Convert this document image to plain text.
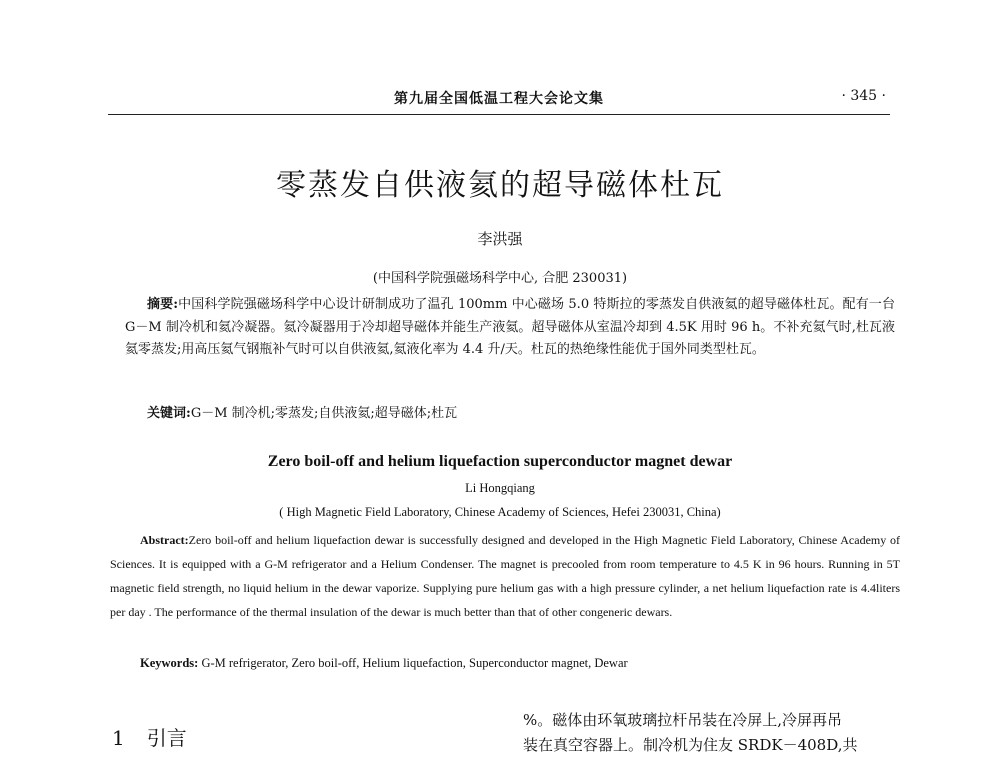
第九届全国低温工程大会论文集	· 345 ·
零蒸发自供液氦的超导磁体杜瓦
李洪强
(中国科学院强磁场科学中心, 合肥 230031)

摘要:中国科学院强磁场科学中心设计研制成功了温孔 100mm 中心磁场 5.0 特斯拉的零蒸发自供液氦的超导磁体杜瓦。配有一台 G－M 制冷机和氦冷凝器。氦冷凝器用于冷却超导磁体并能生产液氦。超导磁体从室温冷却到 4.5K 用时 96 h。不补充氦气时,杜瓦液氦零蒸发;用高压氦气钢瓶补气时可以自供液氦,氦液化率为 4.4 升/天。杜瓦的热绝缘性能优于国外同类型杜瓦。

关键词:G－M 制冷机;零蒸发;自供液氦;超导磁体;杜瓦
Zero boil-off and helium liquefaction superconductor magnet dewar
Li Hongqiang
( High Magnetic Field Laboratory, Chinese Academy of Sciences, Hefei 230031, China)

Abstract:Zero boil-off and helium liquefaction dewar is successfully designed and developed in the High Magnetic Field Laboratory, Chinese Academy of Sciences. It is equipped with a G-M refrigerator and a Helium Condenser. The magnet is precooled from room temperature to 4.5 K in 96 hours. Running in 5T magnetic field strength, no liquid helium in the dewar vaporize. Supplying pure helium gas with a high pressure cylinder, a net helium liquefaction rate is 4.4liters per day . The performance of the thermal insulation of the dewar is much better than that of other congeneric dewars.

Keywords: G-M refrigerator, Zero boil-off, Helium liquefaction, Superconductor magnet, Dewar
1 引言
%。磁体由环氧玻璃拉杆吊装在冷屏上,冷屏再吊
装在真空容器上。制冷机为住友 SRDK－408D,共
